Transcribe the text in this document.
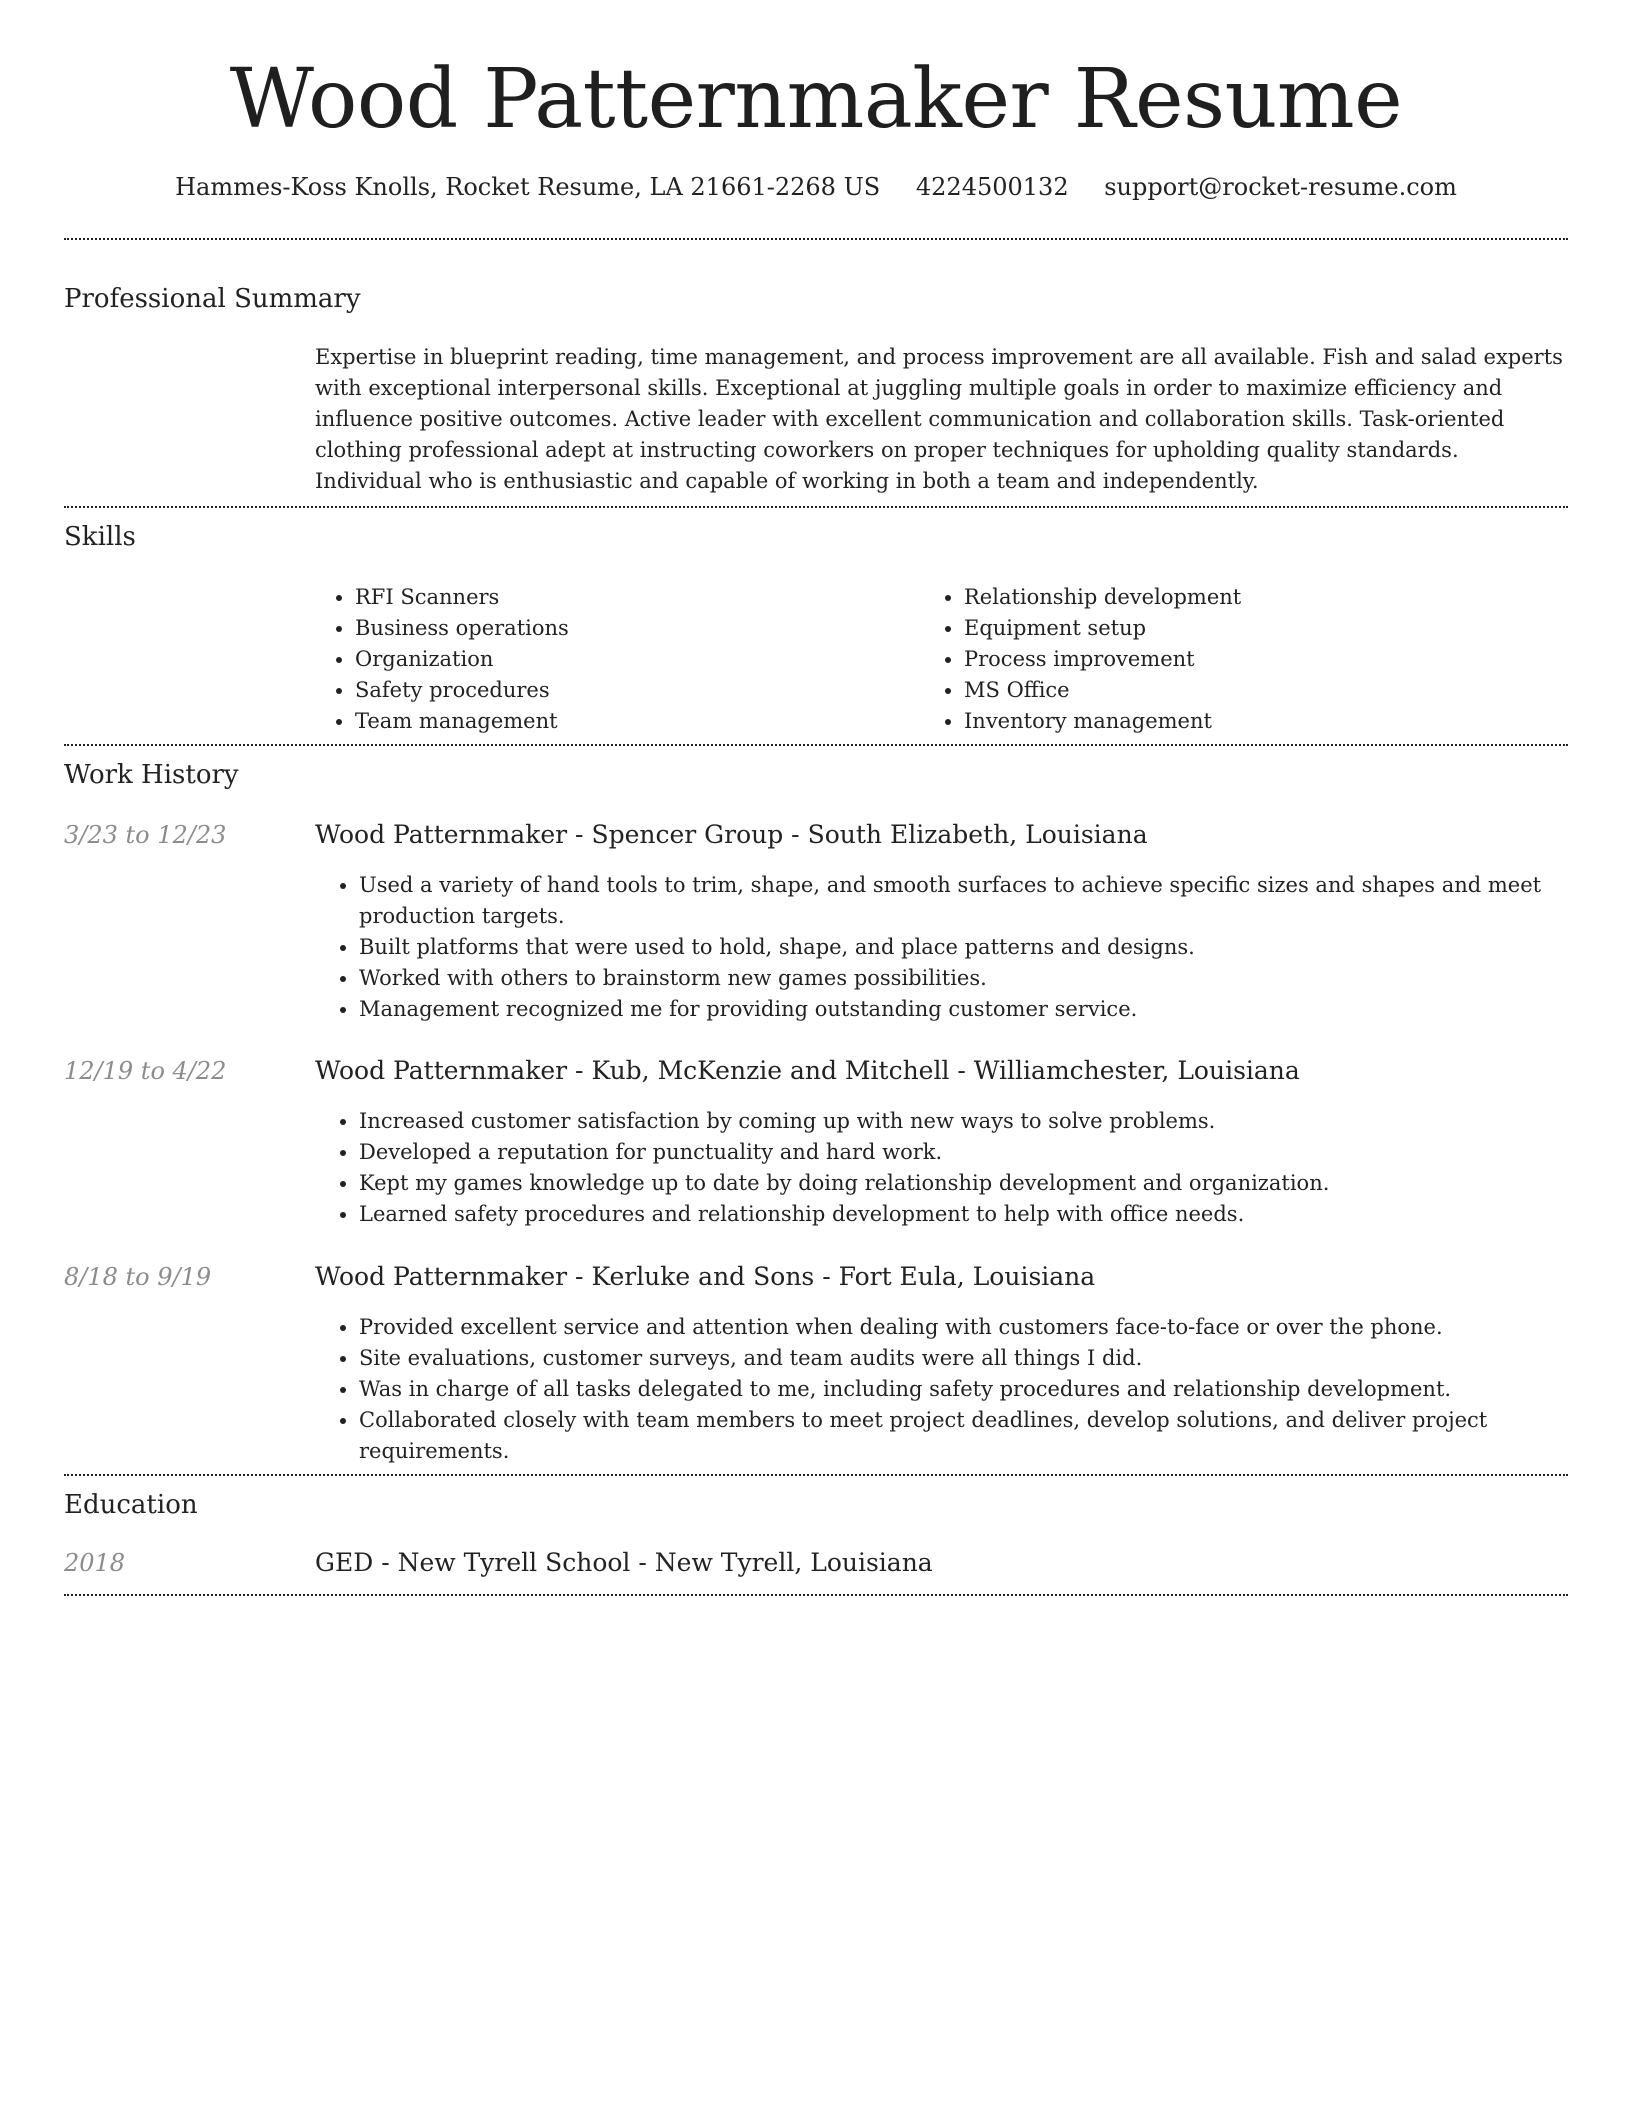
Wood Patternmaker Resume
Hammes-Koss Knolls, Rocket Resume, LA 21661-2268 US 4224500132 support@rocket-resume.com
Professional Summary

Expertise in blueprint reading, time management, and process improvement are all available. Fish and salad experts with exceptional interpersonal skills. Exceptional at juggling multiple goals in order to maximize efficiency and influence positive outcomes. Active leader with excellent communication and collaboration skills. Task-oriented clothing professional adept at instructing coworkers on proper techniques for upholding quality standards. Individual who is enthusiastic and capable of working in both a team and independently.

Skills
• RFI Scanners
• Business operations
• Organization
• Safety procedures
• Team management
• Relationship development
• Equipment setup
• Process improvement
• MS Office
• Inventory management
Work History
3/23 to 12/23	Wood Patternmaker - Spencer Group - South Elizabeth, Louisiana
• Used a variety of hand tools to trim, shape, and smooth surfaces to achieve specific sizes and shapes and meet production targets.
• Built platforms that were used to hold, shape, and place patterns and designs.
• Worked with others to brainstorm new games possibilities.
• Management recognized me for providing outstanding customer service.
12/19 to 4/22	Wood Patternmaker - Kub, McKenzie and Mitchell - Williamchester, Louisiana
• Increased customer satisfaction by coming up with new ways to solve problems.
• Developed a reputation for punctuality and hard work.
• Kept my games knowledge up to date by doing relationship development and organization.
• Learned safety procedures and relationship development to help with office needs.
8/18 to 9/19	Wood Patternmaker - Kerluke and Sons - Fort Eula, Louisiana
• Provided excellent service and attention when dealing with customers face-to-face or over the phone.
• Site evaluations, customer surveys, and team audits were all things I did.
• Was in charge of all tasks delegated to me, including safety procedures and relationship development.
• Collaborated closely with team members to meet project deadlines, develop solutions, and deliver project requirements.
Education
2018	GED - New Tyrell School - New Tyrell, Louisiana
